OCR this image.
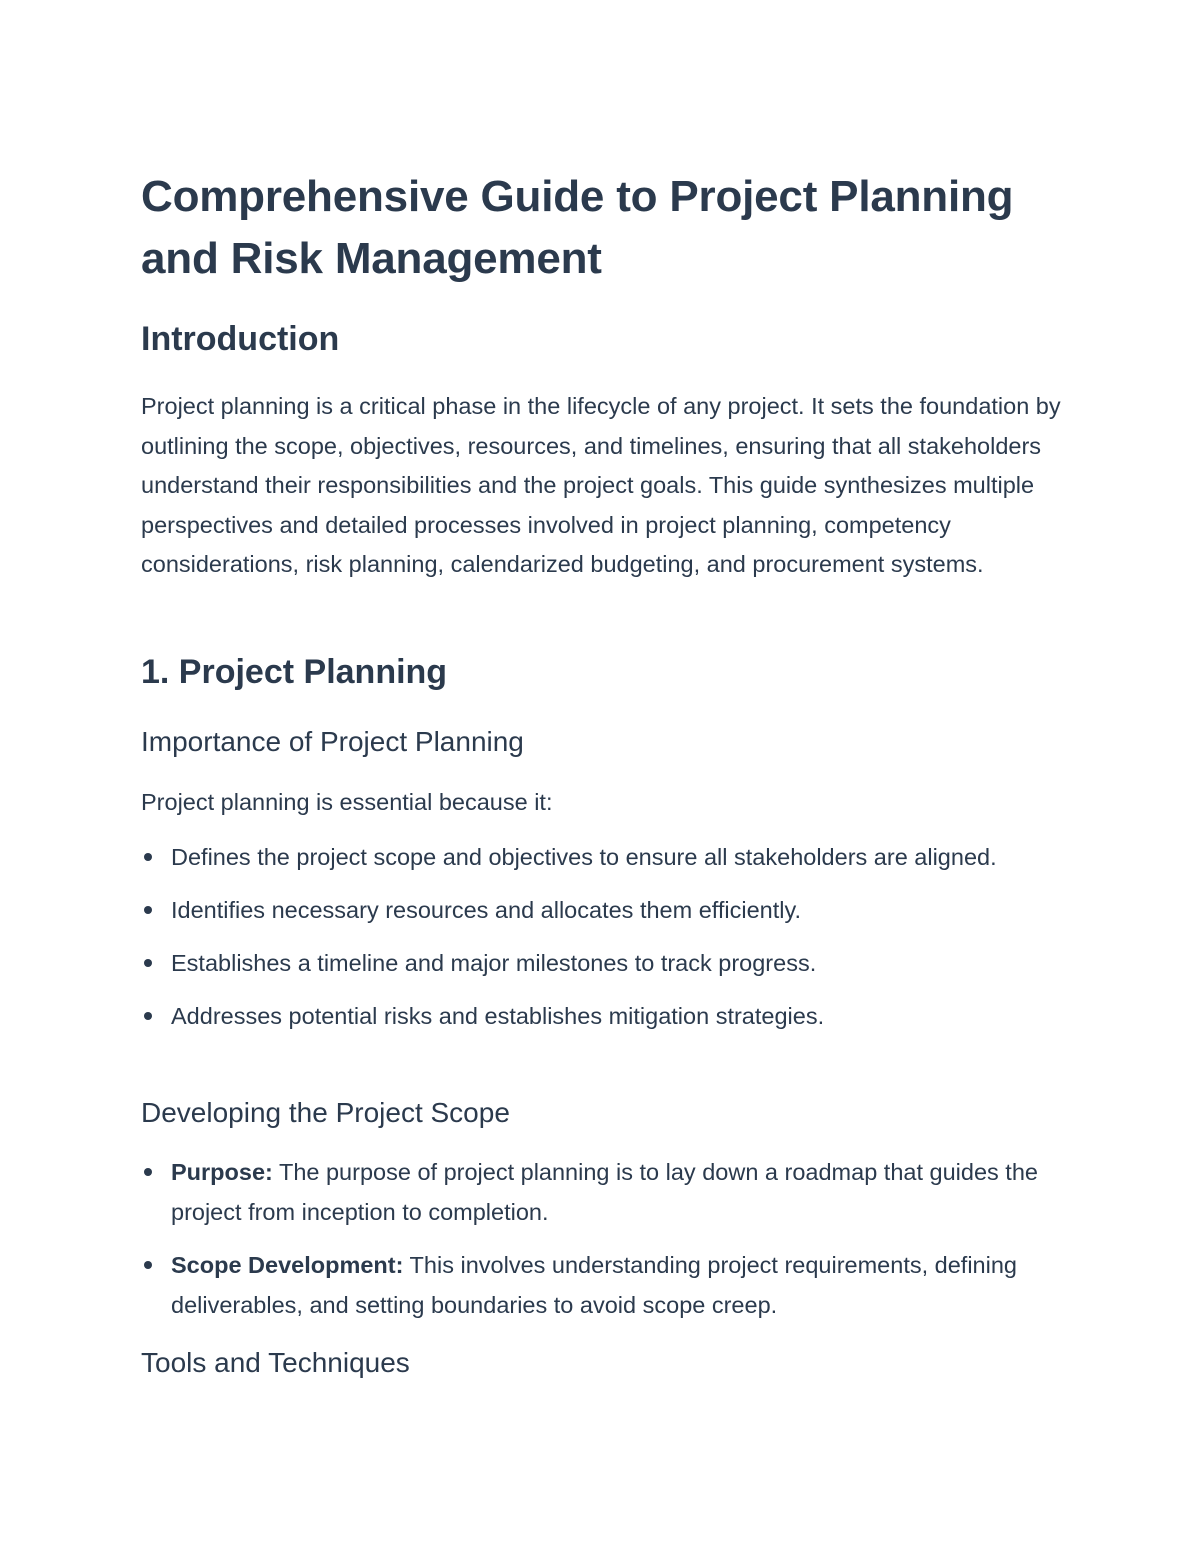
Comprehensive Guide to Project Planning and Risk Management
Introduction

Project planning is a critical phase in the lifecycle of any project. It sets the foundation by outlining the scope, objectives, resources, and timelines, ensuring that all stakeholders understand their responsibilities and the project goals. This guide synthesizes multiple perspectives and detailed processes involved in project planning, competency considerations, risk planning, calendarized budgeting, and procurement systems.

1. Project Planning
Importance of Project Planning

Project planning is essential because it:

Defines the project scope and objectives to ensure all stakeholders are aligned.
Identifies necessary resources and allocates them efficiently.
Establishes a timeline and major milestones to track progress.
Addresses potential risks and establishes mitigation strategies.
Developing the Project Scope
Purpose: The purpose of project planning is to lay down a roadmap that guides the project from inception to completion.
Scope Development: This involves understanding project requirements, defining deliverables, and setting boundaries to avoid scope creep.
Tools and Techniques
